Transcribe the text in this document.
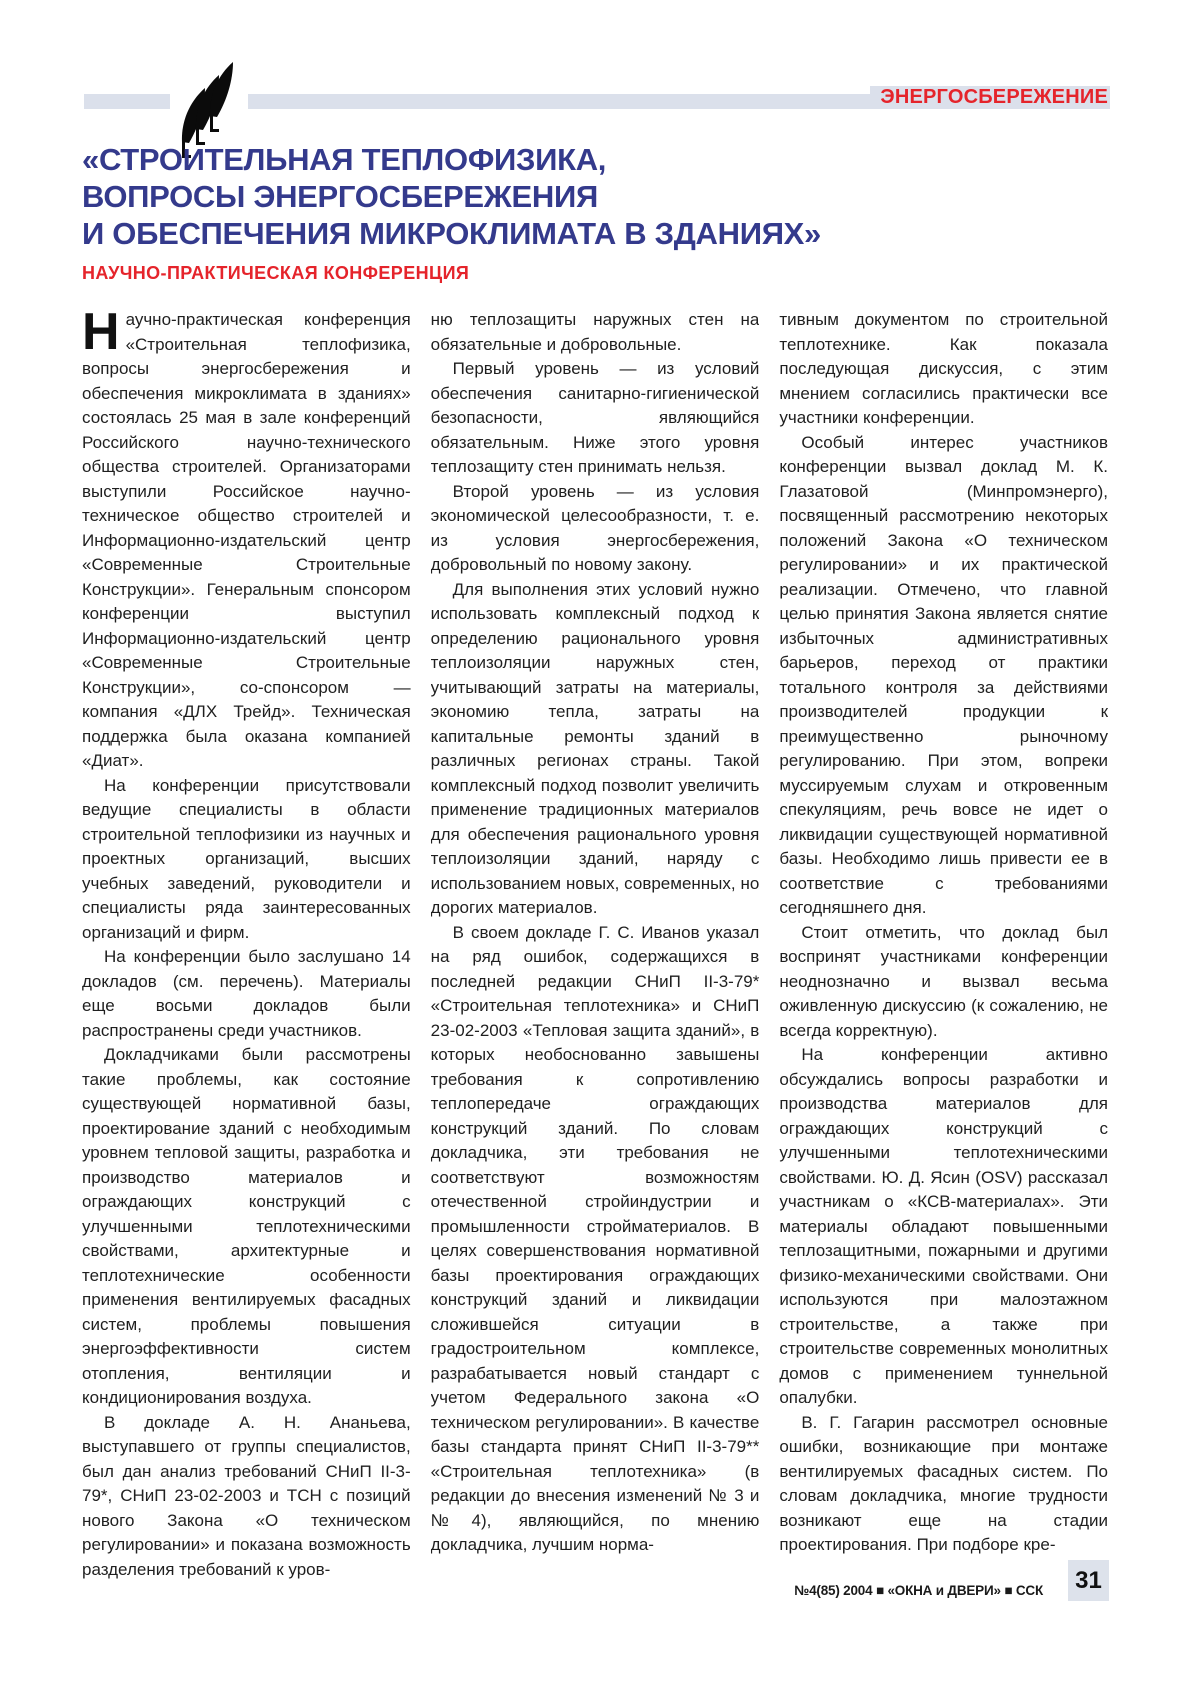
ЭНЕРГОСБЕРЕЖЕНИЕ
«СТРОИТЕЛЬНАЯ ТЕПЛОФИЗИКА,
ВОПРОСЫ ЭНЕРГОСБЕРЕЖЕНИЯ
И ОБЕСПЕЧЕНИЯ МИКРОКЛИМАТА В ЗДАНИЯХ»
НАУЧНО-ПРАКТИЧЕСКАЯ КОНФЕРЕНЦИЯ

Научно-практическая конференция «Строительная теплофизика, вопросы энергосбережения и обеспечения микроклимата в зданиях» состоялась 25 мая в зале конференций Российского научно-технического общества строителей. Организаторами выступили Российское научно-техническое общество строителей и Информационно-издательский центр «Современные Строительные Конструкции». Генеральным спонсором конференции выступил Информационно-издательский центр «Современные Строительные Конструкции», со-спонсором — компания «ДЛХ Трейд». Техническая поддержка была оказана компанией «Диат».

На конференции присутствовали ведущие специалисты в области строительной теплофизики из научных и проектных организаций, высших учебных заведений, руководители и специалисты ряда заинтересованных организаций и фирм.

На конференции было заслушано 14 докладов (см. перечень). Материалы еще восьми докладов были распространены среди участников.

Докладчиками были рассмотрены такие проблемы, как состояние существующей нормативной базы, проектирование зданий с необходимым уровнем тепловой защиты, разработка и производство материалов и ограждающих конструкций с улучшенными теплотехническими свойствами, архитектурные и теплотехнические особенности применения вентилируемых фасадных систем, проблемы повышения энергоэффективности систем отопления, вентиляции и кондиционирования воздуха.

В докладе А. Н. Ананьева, выступавшего от группы специалистов, был дан анализ требований СНиП II-3-79*, СНиП 23-02-2003 и ТСН с позиций нового Закона «О техническом регулировании» и показана возможность разделения требований к уров-

ню теплозащиты наружных стен на обязательные и добровольные.

Первый уровень — из условий обеспечения санитарно-гигиенической безопасности, являющийся обязательным. Ниже этого уровня теплозащиту стен принимать нельзя.

Второй уровень — из условия экономической целесообразности, т. е. из условия энергосбережения, добровольный по новому закону.

Для выполнения этих условий нужно использовать комплексный подход к определению рационального уровня теплоизоляции наружных стен, учитывающий затраты на материалы, экономию тепла, затраты на капитальные ремонты зданий в различных регионах страны. Такой комплексный подход позволит увеличить применение традиционных материалов для обеспечения рационального уровня теплоизоляции зданий, наряду с использованием новых, современных, но дорогих материалов.

В своем докладе Г. С. Иванов указал на ряд ошибок, содержащихся в последней редакции СНиП II-3-79* «Строительная теплотехника» и СНиП 23-02-2003 «Тепловая защита зданий», в которых необоснованно завышены требования к сопротивлению теплопередаче ограждающих конструкций зданий. По словам докладчика, эти требования не соответствуют возможностям отечественной стройиндустрии и промышленности стройматериалов. В целях совершенствования нормативной базы проектирования ограждающих конструкций зданий и ликвидации сложившейся ситуации в градостроительном комплексе, разрабатывается новый стандарт с учетом Федерального закона «О техническом регулировании». В качестве базы стандарта принят СНиП II-3-79** «Строительная теплотехника» (в редакции до внесения изменений № 3 и №4), являющийся, по мнению докладчика, лучшим норма-

тивным документом по строительной теплотехнике. Как показала последующая дискуссия, с этим мнением согласились практически все участники конференции.

Особый интерес участников конференции вызвал доклад М. К. Глазатовой (Минпромэнерго), посвященный рассмотрению некоторых положений Закона «О техническом регулировании» и их практической реализации. Отмечено, что главной целью принятия Закона является снятие избыточных административных барьеров, переход от практики тотального контроля за действиями производителей продукции к преимущественно рыночному регулированию. При этом, вопреки муссируемым слухам и откровенным спекуляциям, речь вовсе не идет о ликвидации существующей нормативной базы. Необходимо лишь привести ее в соответствие с требованиями сегодняшнего дня.

Стоит отметить, что доклад был воспринят участниками конференции неоднозначно и вызвал весьма оживленную дискуссию (к сожалению, не всегда корректную).

На конференции активно обсуждались вопросы разработки и производства материалов для ограждающих конструкций с улучшенными теплотехническими свойствами. Ю. Д. Ясин (OSV) рассказал участникам о «КСВ-материалах». Эти материалы обладают повышенными теплозащитными, пожарными и другими физико-механическими свойствами. Они используются при малоэтажном строительстве, а также при строительстве современных монолитных домов с применением туннельной опалубки.

В. Г. Гагарин рассмотрел основные ошибки, возникающие при монтаже вентилируемых фасадных систем. По словам докладчика, многие трудности возникают еще на стадии проектирования. При подборе кре-

№4(85) 2004 ■ «ОКНА и ДВЕРИ» ■ ССК 31
